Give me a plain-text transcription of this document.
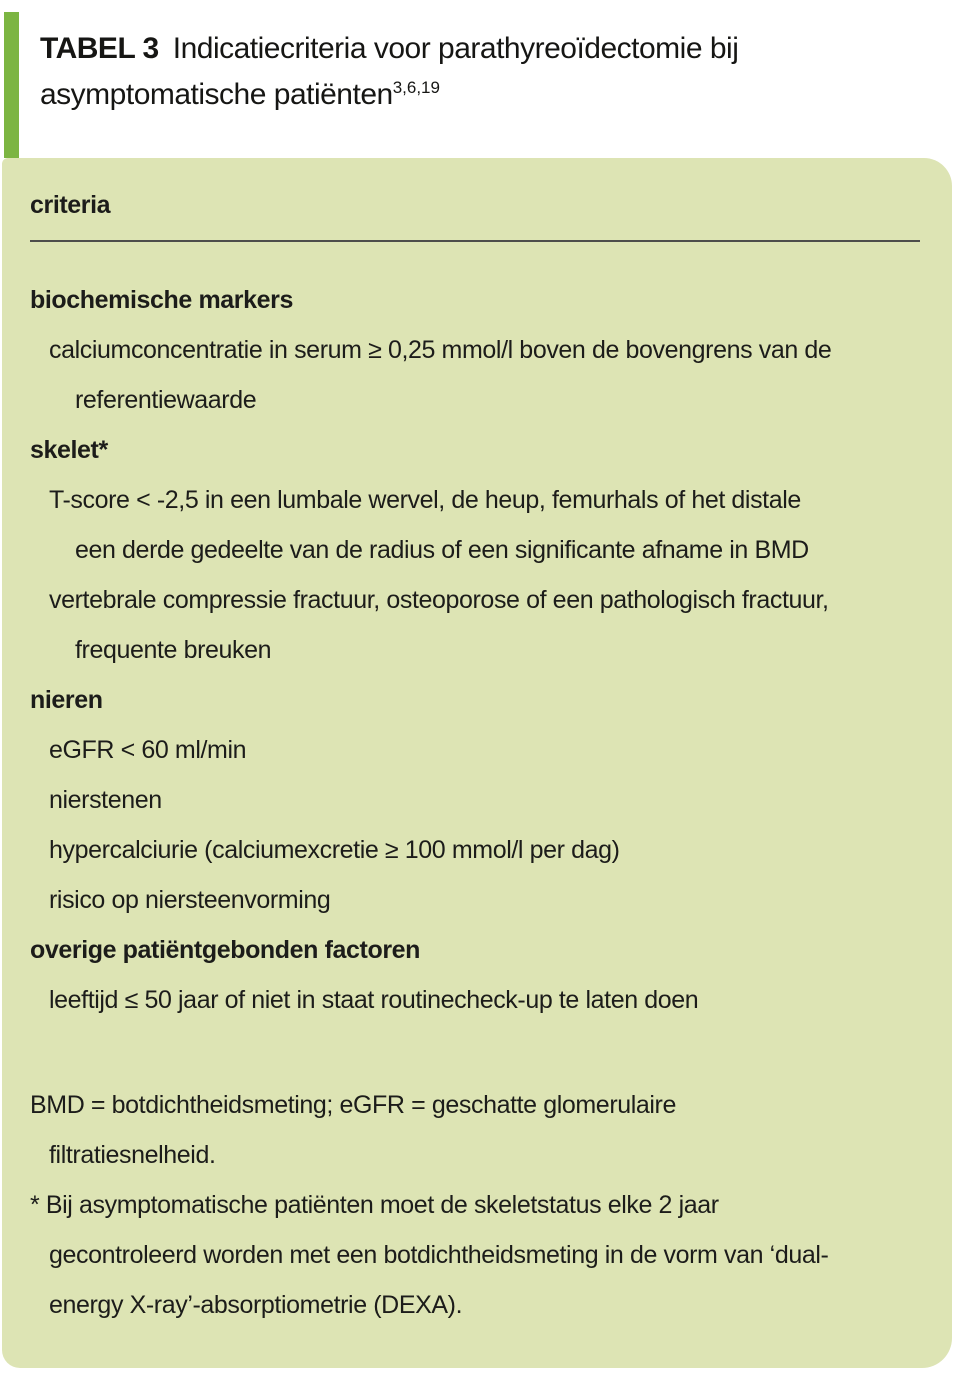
TABEL 3 Indicatiecriteria voor parathyreoïdectomie bij asymptomatische patiënten$^{3,6,19}$
criteria
biochemische markers
calciumconcentratie in serum ≥ 0,25 mmol/l boven de bovengrens van de
referentiewaarde
skelet*
T-score < -2,5 in een lumbale wervel, de heup, femurhals of het distale
een derde gedeelte van de radius of een significante afname in BMD
vertebrale compressie fractuur, osteoporose of een pathologisch fractuur,
frequente breuken
nieren
eGFR < 60 ml/min
nierstenen
hypercalciurie (calciumexcretie ≥ 100 mmol/l per dag)
risico op niersteenvorming
overige patiëntgebonden factoren
leeftijd ≤ 50 jaar of niet in staat routinecheck-up te laten doen
BMD = botdichtheidsmeting; eGFR = geschatte glomerulaire
filtratiesnelheid.
* Bij asymptomatische patiënten moet de skeletstatus elke 2 jaar
gecontroleerd worden met een botdichtheidsmeting in de vorm van ‘dual-
energy X-ray’-absorptiometrie (DEXA).
